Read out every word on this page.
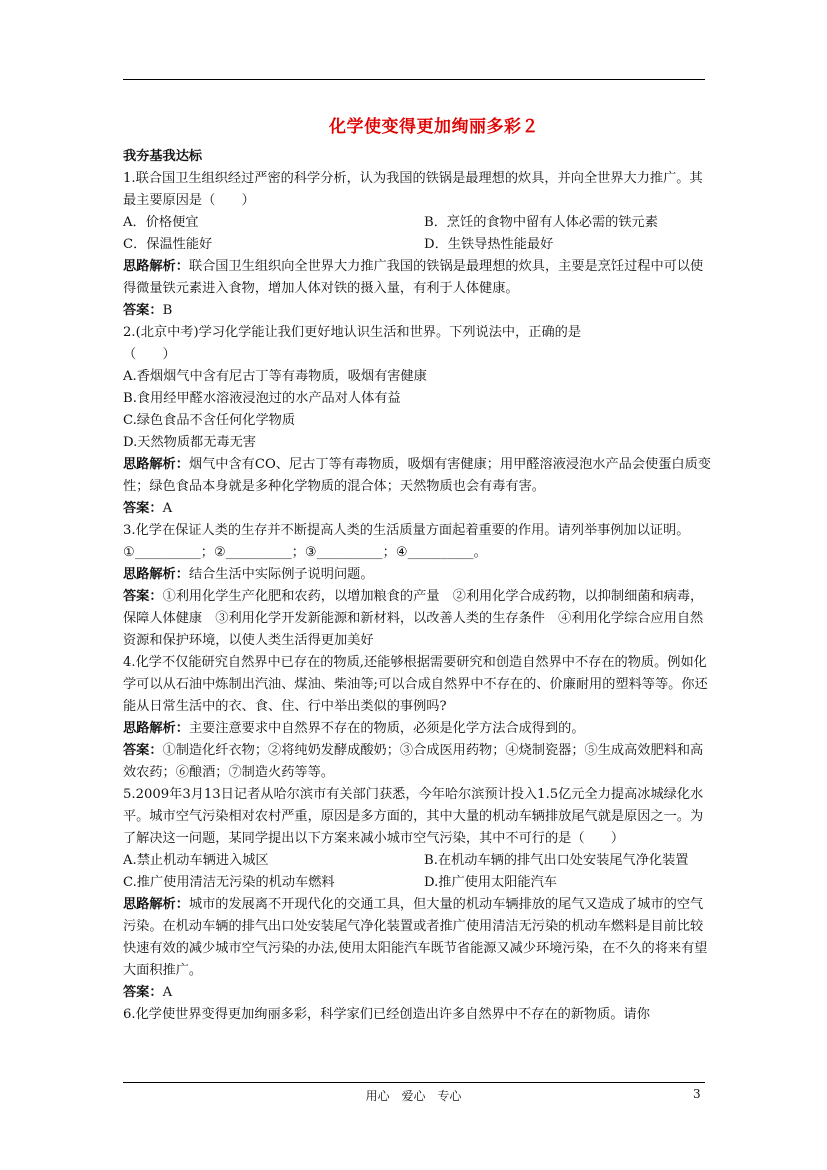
化学使变得更加绚丽多彩２

我夯基我达标

1.联合国卫生组织经过严密的科学分析，认为我国的铁锅是最理想的炊具，并向全世界大力推广。其最主要原因是（　　）

A．价格便宜	B．烹饪的食物中留有人体必需的铁元素
C．保温性能好	D．生铁导热性能最好

思路解析：联合国卫生组织向全世界大力推广我国的铁锅是最理想的炊具，主要是烹饪过程中可以使得微量铁元素进入食物，增加人体对铁的摄入量，有利于人体健康。

答案：B

2.(北京中考)学习化学能让我们更好地认识生活和世界。下列说法中，正确的是

（　　）

A.香烟烟气中含有尼古丁等有毒物质，吸烟有害健康

B.食用经甲醛水溶液浸泡过的水产品对人体有益

C.绿色食品不含任何化学物质

D.天然物质都无毒无害

思路解析：烟气中含有CO、尼古丁等有毒物质，吸烟有害健康；用甲醛溶液浸泡水产品会使蛋白质变性；绿色食品本身就是多种化学物质的混合体；天然物质也会有毒有害。

答案：A

3.化学在保证人类的生存并不断提高人类的生活质量方面起着重要的作用。请列举事例加以证明。

①__________；②__________；③__________；④__________。

思路解析：结合生活中实际例子说明问题。

答案：①利用化学生产化肥和农药，以增加粮食的产量　②利用化学合成药物，以抑制细菌和病毒，保障人体健康　③利用化学开发新能源和新材料，以改善人类的生存条件　④利用化学综合应用自然资源和保护环境，以使人类生活得更加美好

4.化学不仅能研究自然界中已存在的物质,还能够根据需要研究和创造自然界中不存在的物质。例如化学可以从石油中炼制出汽油、煤油、柴油等;可以合成自然界中不存在的、价廉耐用的塑料等等。你还能从日常生活中的衣、食、住、行中举出类似的事例吗?

思路解析：主要注意要求中自然界不存在的物质，必须是化学方法合成得到的。

答案：①制造化纤衣物；②将纯奶发酵成酸奶；③合成医用药物；④烧制瓷器；⑤生成高效肥料和高效农药；⑥酿酒；⑦制造火药等等。

5.2009年3月13日记者从哈尔滨市有关部门获悉，今年哈尔滨预计投入1.5亿元全力提高冰城绿化水平。城市空气污染相对农村严重，原因是多方面的，其中大量的机动车辆排放尾气就是原因之一。为了解决这一问题，某同学提出以下方案来减小城市空气污染，其中不可行的是（　　）

A.禁止机动车辆进入城区	B.在机动车辆的排气出口处安装尾气净化装置
C.推广使用清洁无污染的机动车燃料	D.推广使用太阳能汽车

思路解析：城市的发展离不开现代化的交通工具，但大量的机动车辆排放的尾气又造成了城市的空气污染。在机动车辆的排气出口处安装尾气净化装置或者推广使用清洁无污染的机动车燃料是目前比较快速有效的减少城市空气污染的办法,使用太阳能汽车既节省能源又减少环境污染，在不久的将来有望大面积推广。

答案：A

6.化学使世界变得更加绚丽多彩，科学家们已经创造出许多自然界中不存在的新物质。请你

用心 爱心 专心	3
